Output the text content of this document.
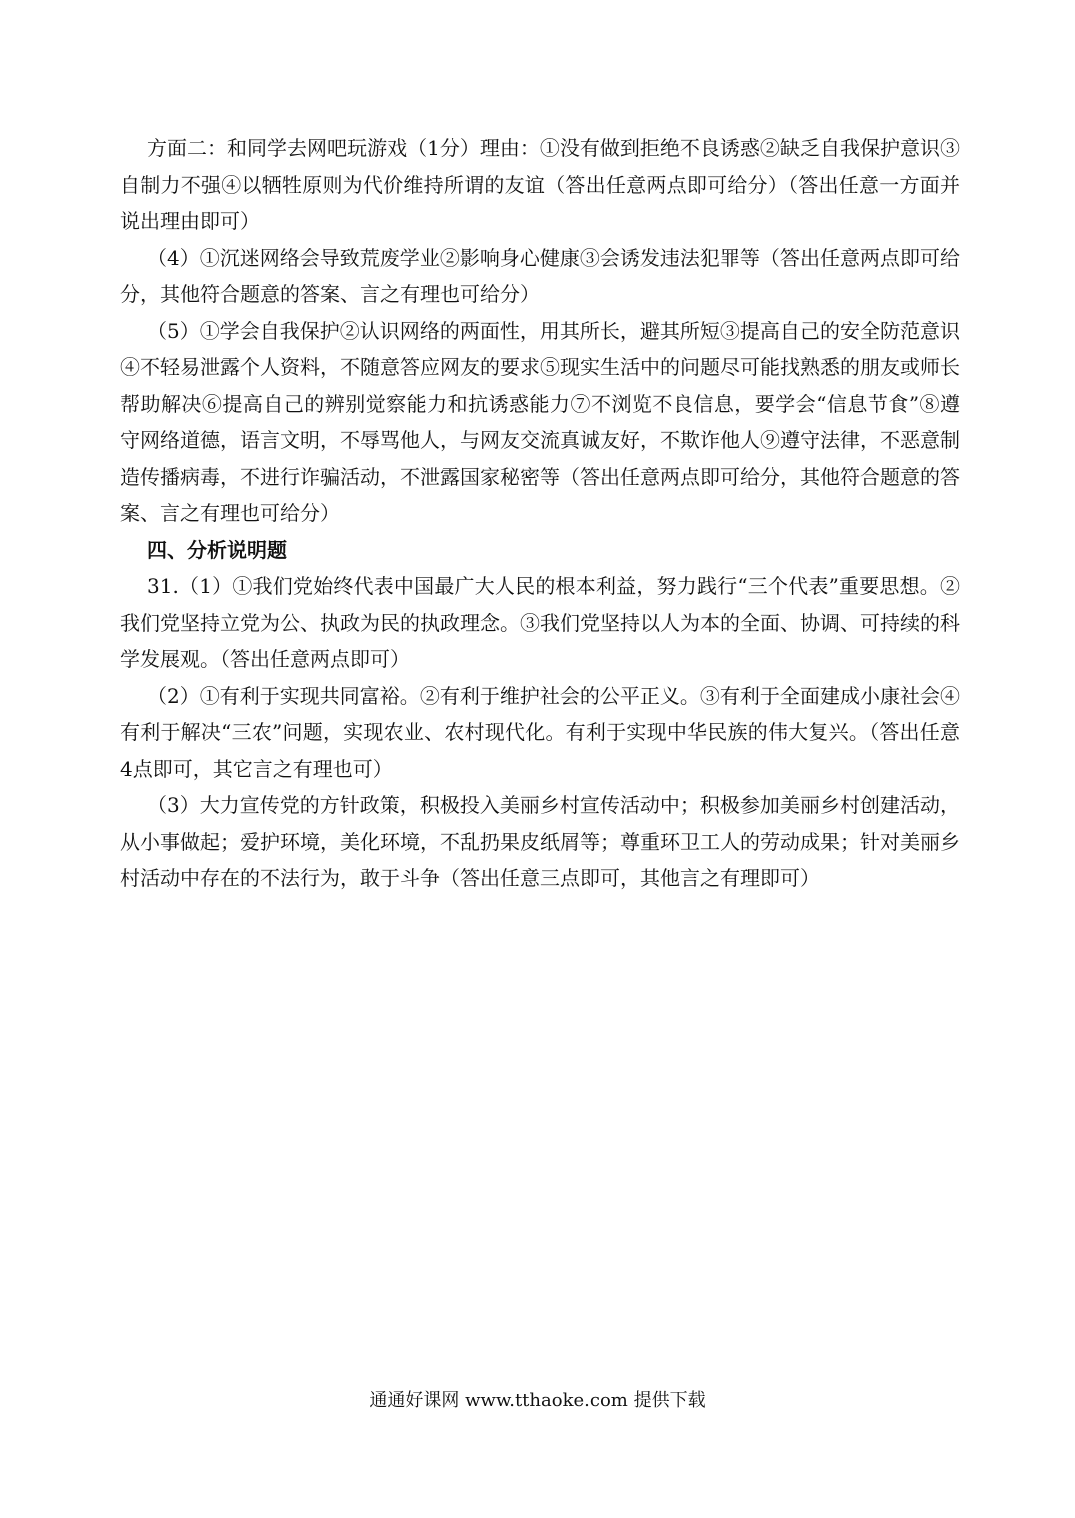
方面二：和同学去网吧玩游戏（1分）理由：①没有做到拒绝不良诱惑②缺乏自我保护意识③自制力不强④以牺牲原则为代价维持所谓的友谊（答出任意两点即可给分）（答出任意一方面并说出理由即可）

（4）①沉迷网络会导致荒废学业②影响身心健康③会诱发违法犯罪等（答出任意两点即可给分，其他符合题意的答案、言之有理也可给分）

（5）①学会自我保护②认识网络的两面性，用其所长，避其所短③提高自己的安全防范意识④不轻易泄露个人资料，不随意答应网友的要求⑤现实生活中的问题尽可能找熟悉的朋友或师长帮助解决⑥提高自己的辨别觉察能力和抗诱惑能力⑦不浏览不良信息，要学会“信息节食”⑧遵守网络道德，语言文明，不辱骂他人，与网友交流真诚友好，不欺诈他人⑨遵守法律，不恶意制造传播病毒，不进行诈骗活动，不泄露国家秘密等（答出任意两点即可给分，其他符合题意的答案、言之有理也可给分）

四、分析说明题

31.（1）①我们党始终代表中国最广大人民的根本利益，努力践行“三个代表”重要思想。②我们党坚持立党为公、执政为民的执政理念。③我们党坚持以人为本的全面、协调、可持续的科学发展观。（答出任意两点即可）

（2）①有利于实现共同富裕。②有利于维护社会的公平正义。③有利于全面建成小康社会④有利于解决“三农”问题，实现农业、农村现代化。有利于实现中华民族的伟大复兴。（答出任意4点即可，其它言之有理也可）

（3）大力宣传党的方针政策，积极投入美丽乡村宣传活动中；积极参加美丽乡村创建活动，从小事做起；爱护环境，美化环境，不乱扔果皮纸屑等；尊重环卫工人的劳动成果；针对美丽乡村活动中存在的不法行为，敢于斗争（答出任意三点即可，其他言之有理即可）

通通好课网 www.tthaoke.com 提供下载
